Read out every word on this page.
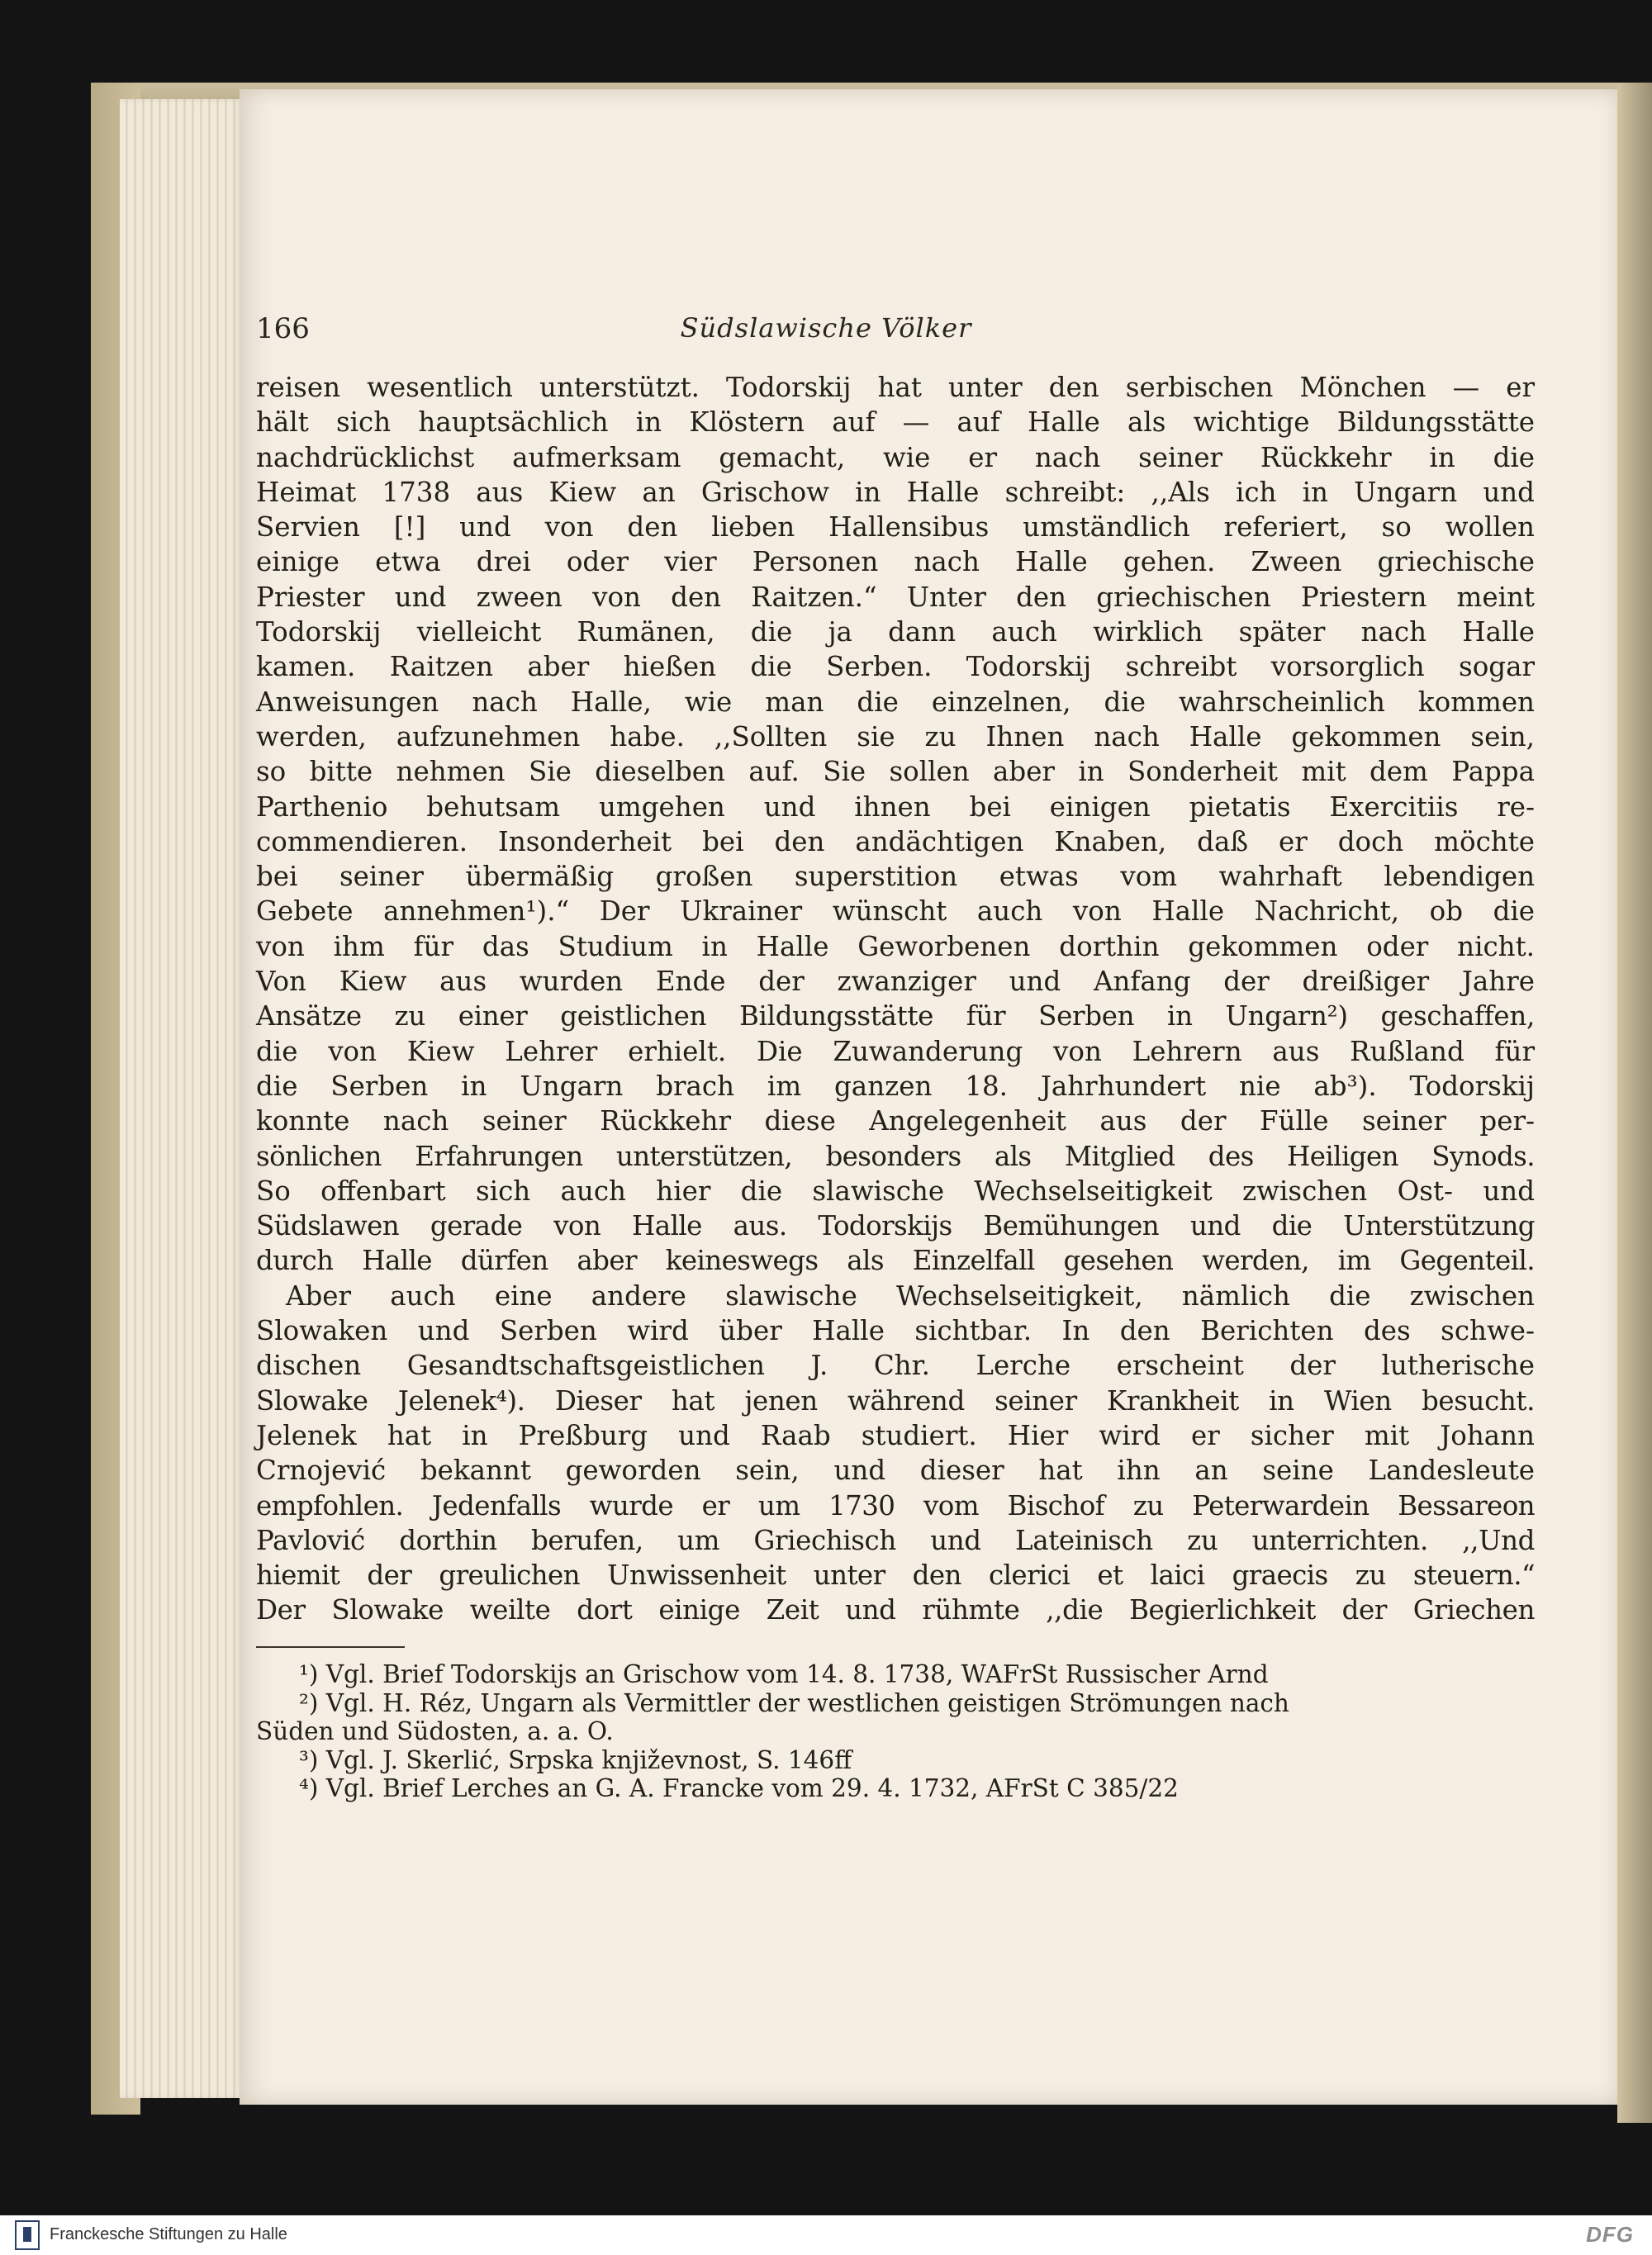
166	Südslawische Völker
reisen wesentlich unterstützt. Todorskij hat unter den serbischen Mönchen — er
hält sich hauptsächlich in Klöstern auf — auf Halle als wichtige Bildungsstätte
nachdrücklichst aufmerksam gemacht, wie er nach seiner Rückkehr in die
Heimat 1738 aus Kiew an Grischow in Halle schreibt: ,,Als ich in Ungarn und
Servien [!] und von den lieben Hallensibus umständlich referiert, so wollen
einige etwa drei oder vier Personen nach Halle gehen. Zween griechische
Priester und zween von den Raitzen.“ Unter den griechischen Priestern meint
Todorskij vielleicht Rumänen, die ja dann auch wirklich später nach Halle
kamen. Raitzen aber hießen die Serben. Todorskij schreibt vorsorglich sogar
Anweisungen nach Halle, wie man die einzelnen, die wahrscheinlich kommen
werden, aufzunehmen habe. ,,Sollten sie zu Ihnen nach Halle gekommen sein,
so bitte nehmen Sie dieselben auf. Sie sollen aber in Sonderheit mit dem Pappa
Parthenio behutsam umgehen und ihnen bei einigen pietatis Exercitiis re-
commendieren. Insonderheit bei den andächtigen Knaben, daß er doch möchte
bei seiner übermäßig großen superstition etwas vom wahrhaft lebendigen
Gebete annehmen¹).“ Der Ukrainer wünscht auch von Halle Nachricht, ob die
von ihm für das Studium in Halle Geworbenen dorthin gekommen oder nicht.
Von Kiew aus wurden Ende der zwanziger und Anfang der dreißiger Jahre
Ansätze zu einer geistlichen Bildungsstätte für Serben in Ungarn²) geschaffen,
die von Kiew Lehrer erhielt. Die Zuwanderung von Lehrern aus Rußland für
die Serben in Ungarn brach im ganzen 18. Jahrhundert nie ab³). Todorskij
konnte nach seiner Rückkehr diese Angelegenheit aus der Fülle seiner per-
sönlichen Erfahrungen unterstützen, besonders als Mitglied des Heiligen Synods.
So offenbart sich auch hier die slawische Wechselseitigkeit zwischen Ost- und
Südslawen gerade von Halle aus. Todorskijs Bemühungen und die Unterstützung
durch Halle dürfen aber keineswegs als Einzelfall gesehen werden, im Gegenteil.
Aber auch eine andere slawische Wechselseitigkeit, nämlich die zwischen
Slowaken und Serben wird über Halle sichtbar. In den Berichten des schwe-
dischen Gesandtschaftsgeistlichen J. Chr. Lerche erscheint der lutherische
Slowake Jelenek⁴). Dieser hat jenen während seiner Krankheit in Wien besucht.
Jelenek hat in Preßburg und Raab studiert. Hier wird er sicher mit Johann
Crnojević bekannt geworden sein, und dieser hat ihn an seine Landesleute
empfohlen. Jedenfalls wurde er um 1730 vom Bischof zu Peterwardein Bessareon
Pavlović dorthin berufen, um Griechisch und Lateinisch zu unterrichten. ,,Und
hiemit der greulichen Unwissenheit unter den clerici et laici graecis zu steuern.“
Der Slowake weilte dort einige Zeit und rühmte ,,die Begierlichkeit der Griechen
¹) Vgl. Brief Todorskijs an Grischow vom 14. 8. 1738, WAFrSt Russischer Arnd
²) Vgl. H. Réz, Ungarn als Vermittler der westlichen geistigen Strömungen nach
Süden und Südosten, a. a. O.
³) Vgl. J. Skerlić, Srpska književnost, S. 146ff
⁴) Vgl. Brief Lerches an G. A. Francke vom 29. 4. 1732, AFrSt C 385/22
Franckesche Stiftungen zu Halle	DFG
